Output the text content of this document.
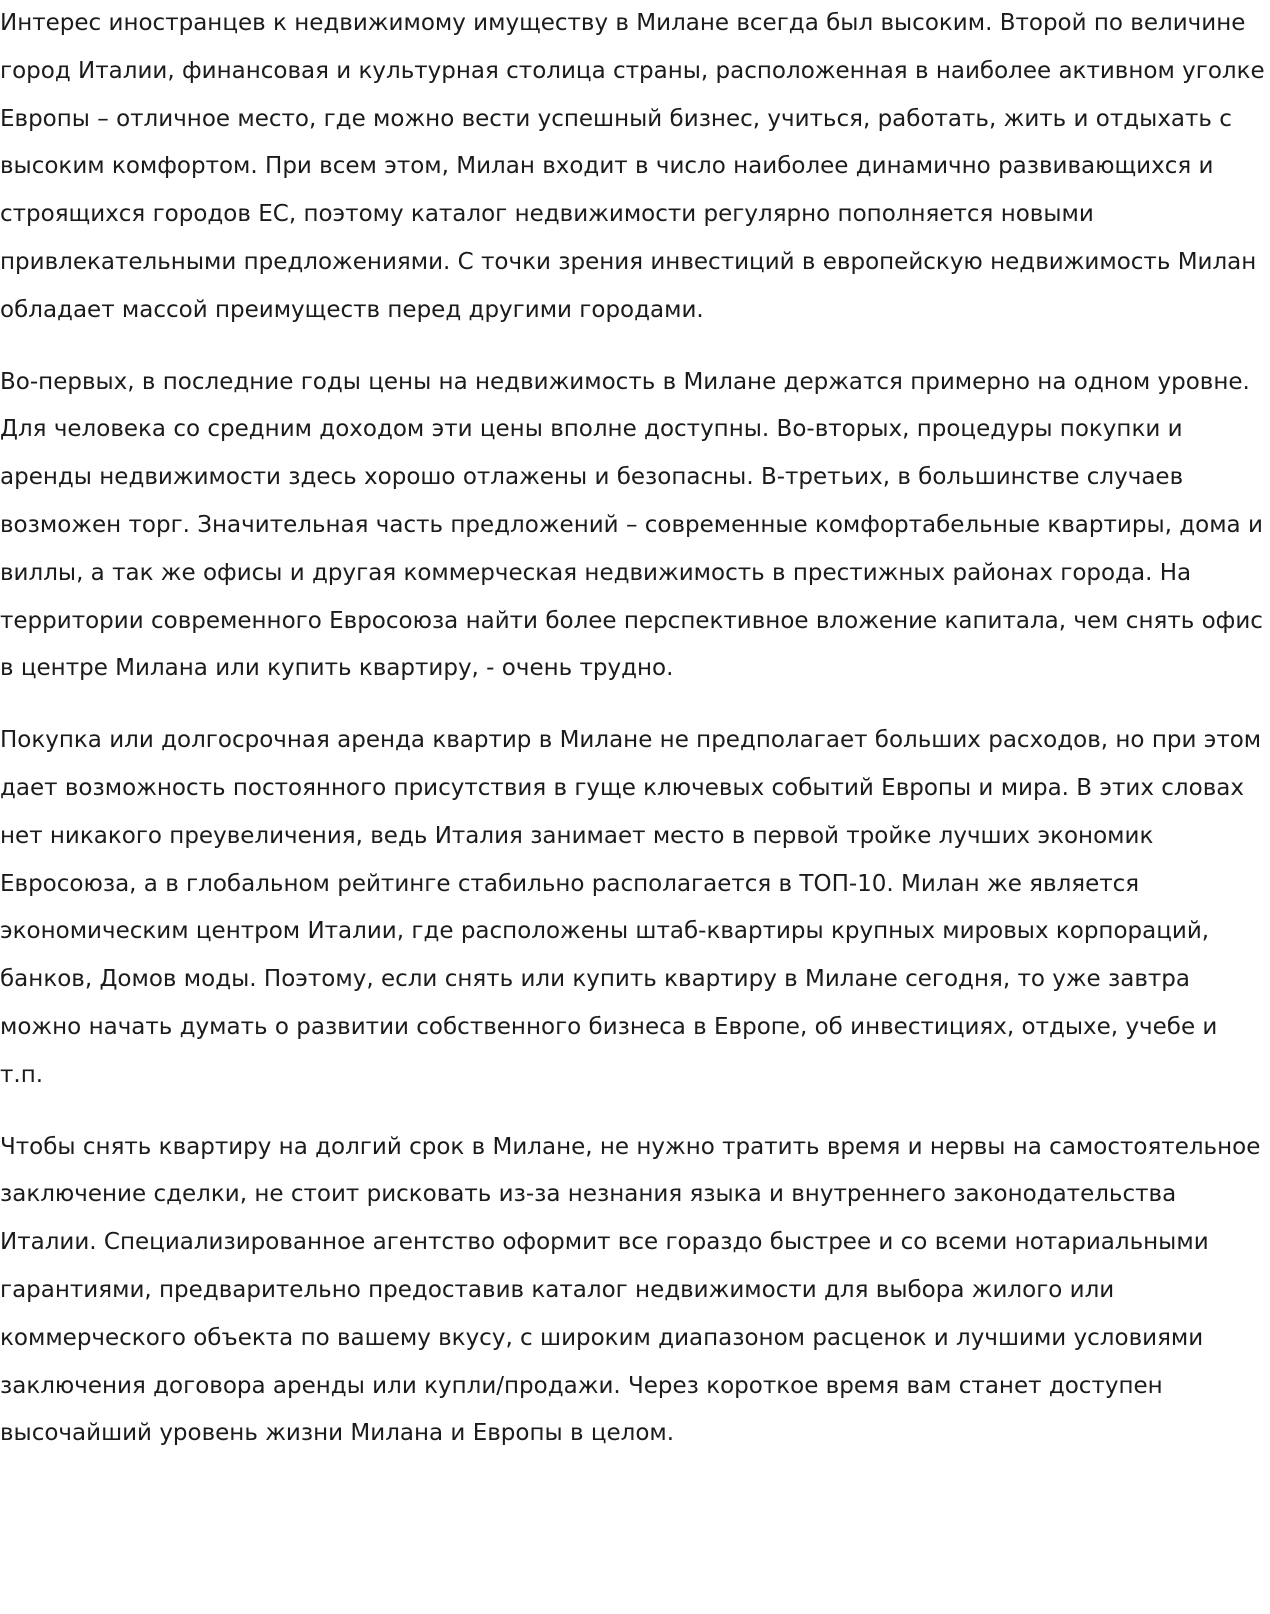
Интерес иностранцев к недвижимому имуществу в Милане всегда был высоким. Второй по величине город Италии, финансовая и культурная столица страны, расположенная в наиболее активном уголке Европы – отличное место, где можно вести успешный бизнес, учиться, работать, жить и отдыхать с высоким комфортом. При всем этом, Милан входит в число наиболее динамично развивающихся и строящихся городов ЕС, поэтому каталог недвижимости регулярно пополняется новыми привлекательными предложениями. С точки зрения инвестиций в европейскую недвижимость Милан обладает массой преимуществ перед другими городами.

Во-первых, в последние годы цены на недвижимость в Милане держатся примерно на одном уровне. Для человека со средним доходом эти цены вполне доступны. Во-вторых, процедуры покупки и аренды недвижимости здесь хорошо отлажены и безопасны. В-третьих, в большинстве случаев возможен торг. Значительная часть предложений – современные комфортабельные квартиры, дома и виллы, а так же офисы и другая коммерческая недвижимость в престижных районах города. На территории современного Евросоюза найти более перспективное вложение капитала, чем снять офис в центре Милана или купить квартиру, - очень трудно.

Покупка или долгосрочная аренда квартир в Милане не предполагает больших расходов, но при этом дает возможность постоянного присутствия в гуще ключевых событий Европы и мира. В этих словах нет никакого преувеличения, ведь Италия занимает место в первой тройке лучших экономик Евросоюза, а в глобальном рейтинге стабильно располагается в ТОП-10. Милан же является экономическим центром Италии, где расположены штаб-квартиры крупных мировых корпораций, банков, Домов моды. Поэтому, если снять или купить квартиру в Милане сегодня, то уже завтра можно начать думать о развитии собственного бизнеса в Европе, об инвестициях, отдыхе, учебе и т.п.

Чтобы снять квартиру на долгий срок в Милане, не нужно тратить время и нервы на самостоятельное заключение сделки, не стоит рисковать из-за незнания языка и внутреннего законодательства Италии. Специализированное агентство оформит все гораздо быстрее и со всеми нотариальными гарантиями, предварительно предоставив каталог недвижимости для выбора жилого или коммерческого объекта по вашему вкусу, с широким диапазоном расценок и лучшими условиями заключения договора аренды или купли/продажи. Через короткое время вам станет доступен высочайший уровень жизни Милана и Европы в целом.
